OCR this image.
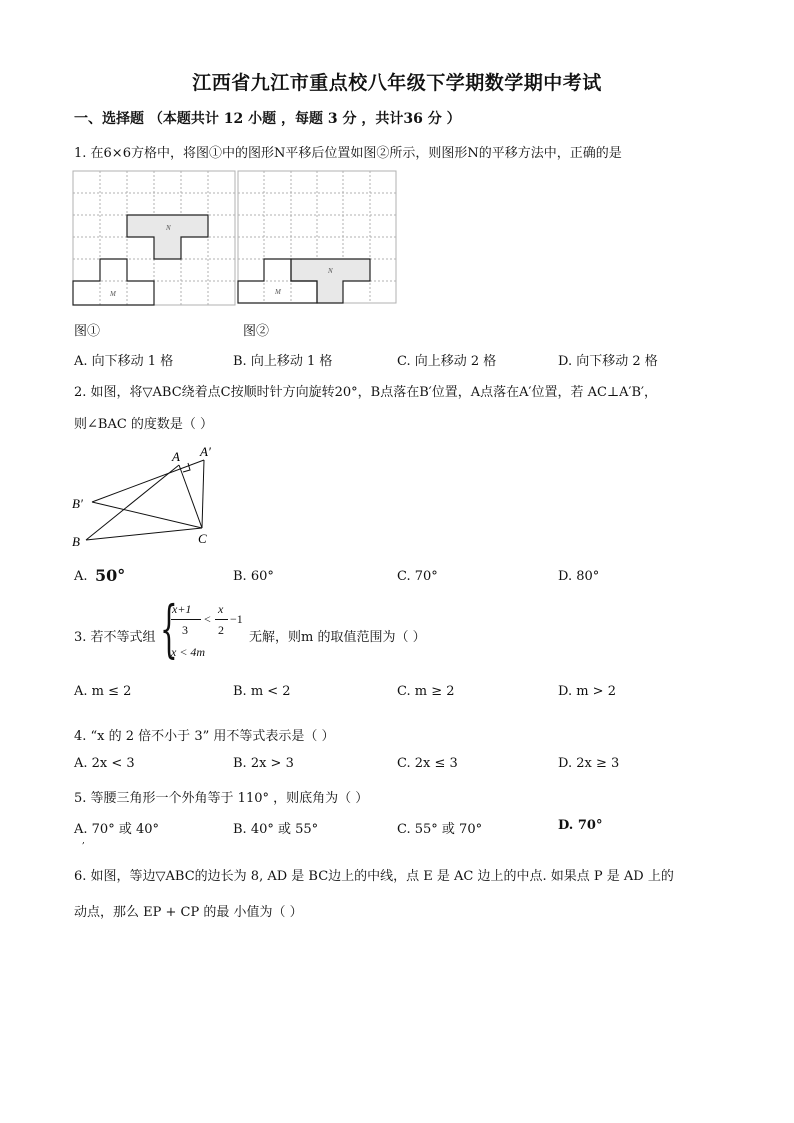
江西省九江市重点校八年级下学期数学期中考试
一、选择题 （本题共计 12 小题 ，每题 3 分 ，共计36 分 ）
1. 在6×6方格中，将图①中的图形N平移后位置如图②所示，则图形N的平移方法中，正确的是
N
M
N
M
图①	图②
A. 向下移动 1 格	B. 向上移动 1 格	C. 向上移动 2 格	D. 向下移动 2 格
2. 如图，将▽ABC绕着点C按顺时针方向旋转20°，B点落在B′位置，A点落在A′位置，若 AC⊥A′B′，
则∠BAC 的度数是（ ）
A A′
B′
B	C
A. 50°	B. 60°	C. 70°	D. 80°
3. 若不等式组 {
x+1
3
<
x
2
−1
x < 4m
无解，则m 的取值范围为（ ）
A. m ≤ 2	B. m < 2	C. m ≥ 2	D. m > 2
4. “x 的 2 倍不小于 3” 用不等式表示是（ ）
A. 2x < 3	B. 2x > 3	C. 2x ≤ 3	D. 2x ≥ 3
5. 等腰三角形一个外角等于 110° ，则底角为（ ）
A. 70° 或 40°	B. 40° 或 55°	C. 55° 或 70°	D. 70°
,
6. 如图，等边▽ABC的边长为 8, AD 是 BC边上的中线，点 E 是 AC 边上的中点. 如果点 P 是 AD 上的
动点，那么 EP + CP 的最 小值为（ ）
